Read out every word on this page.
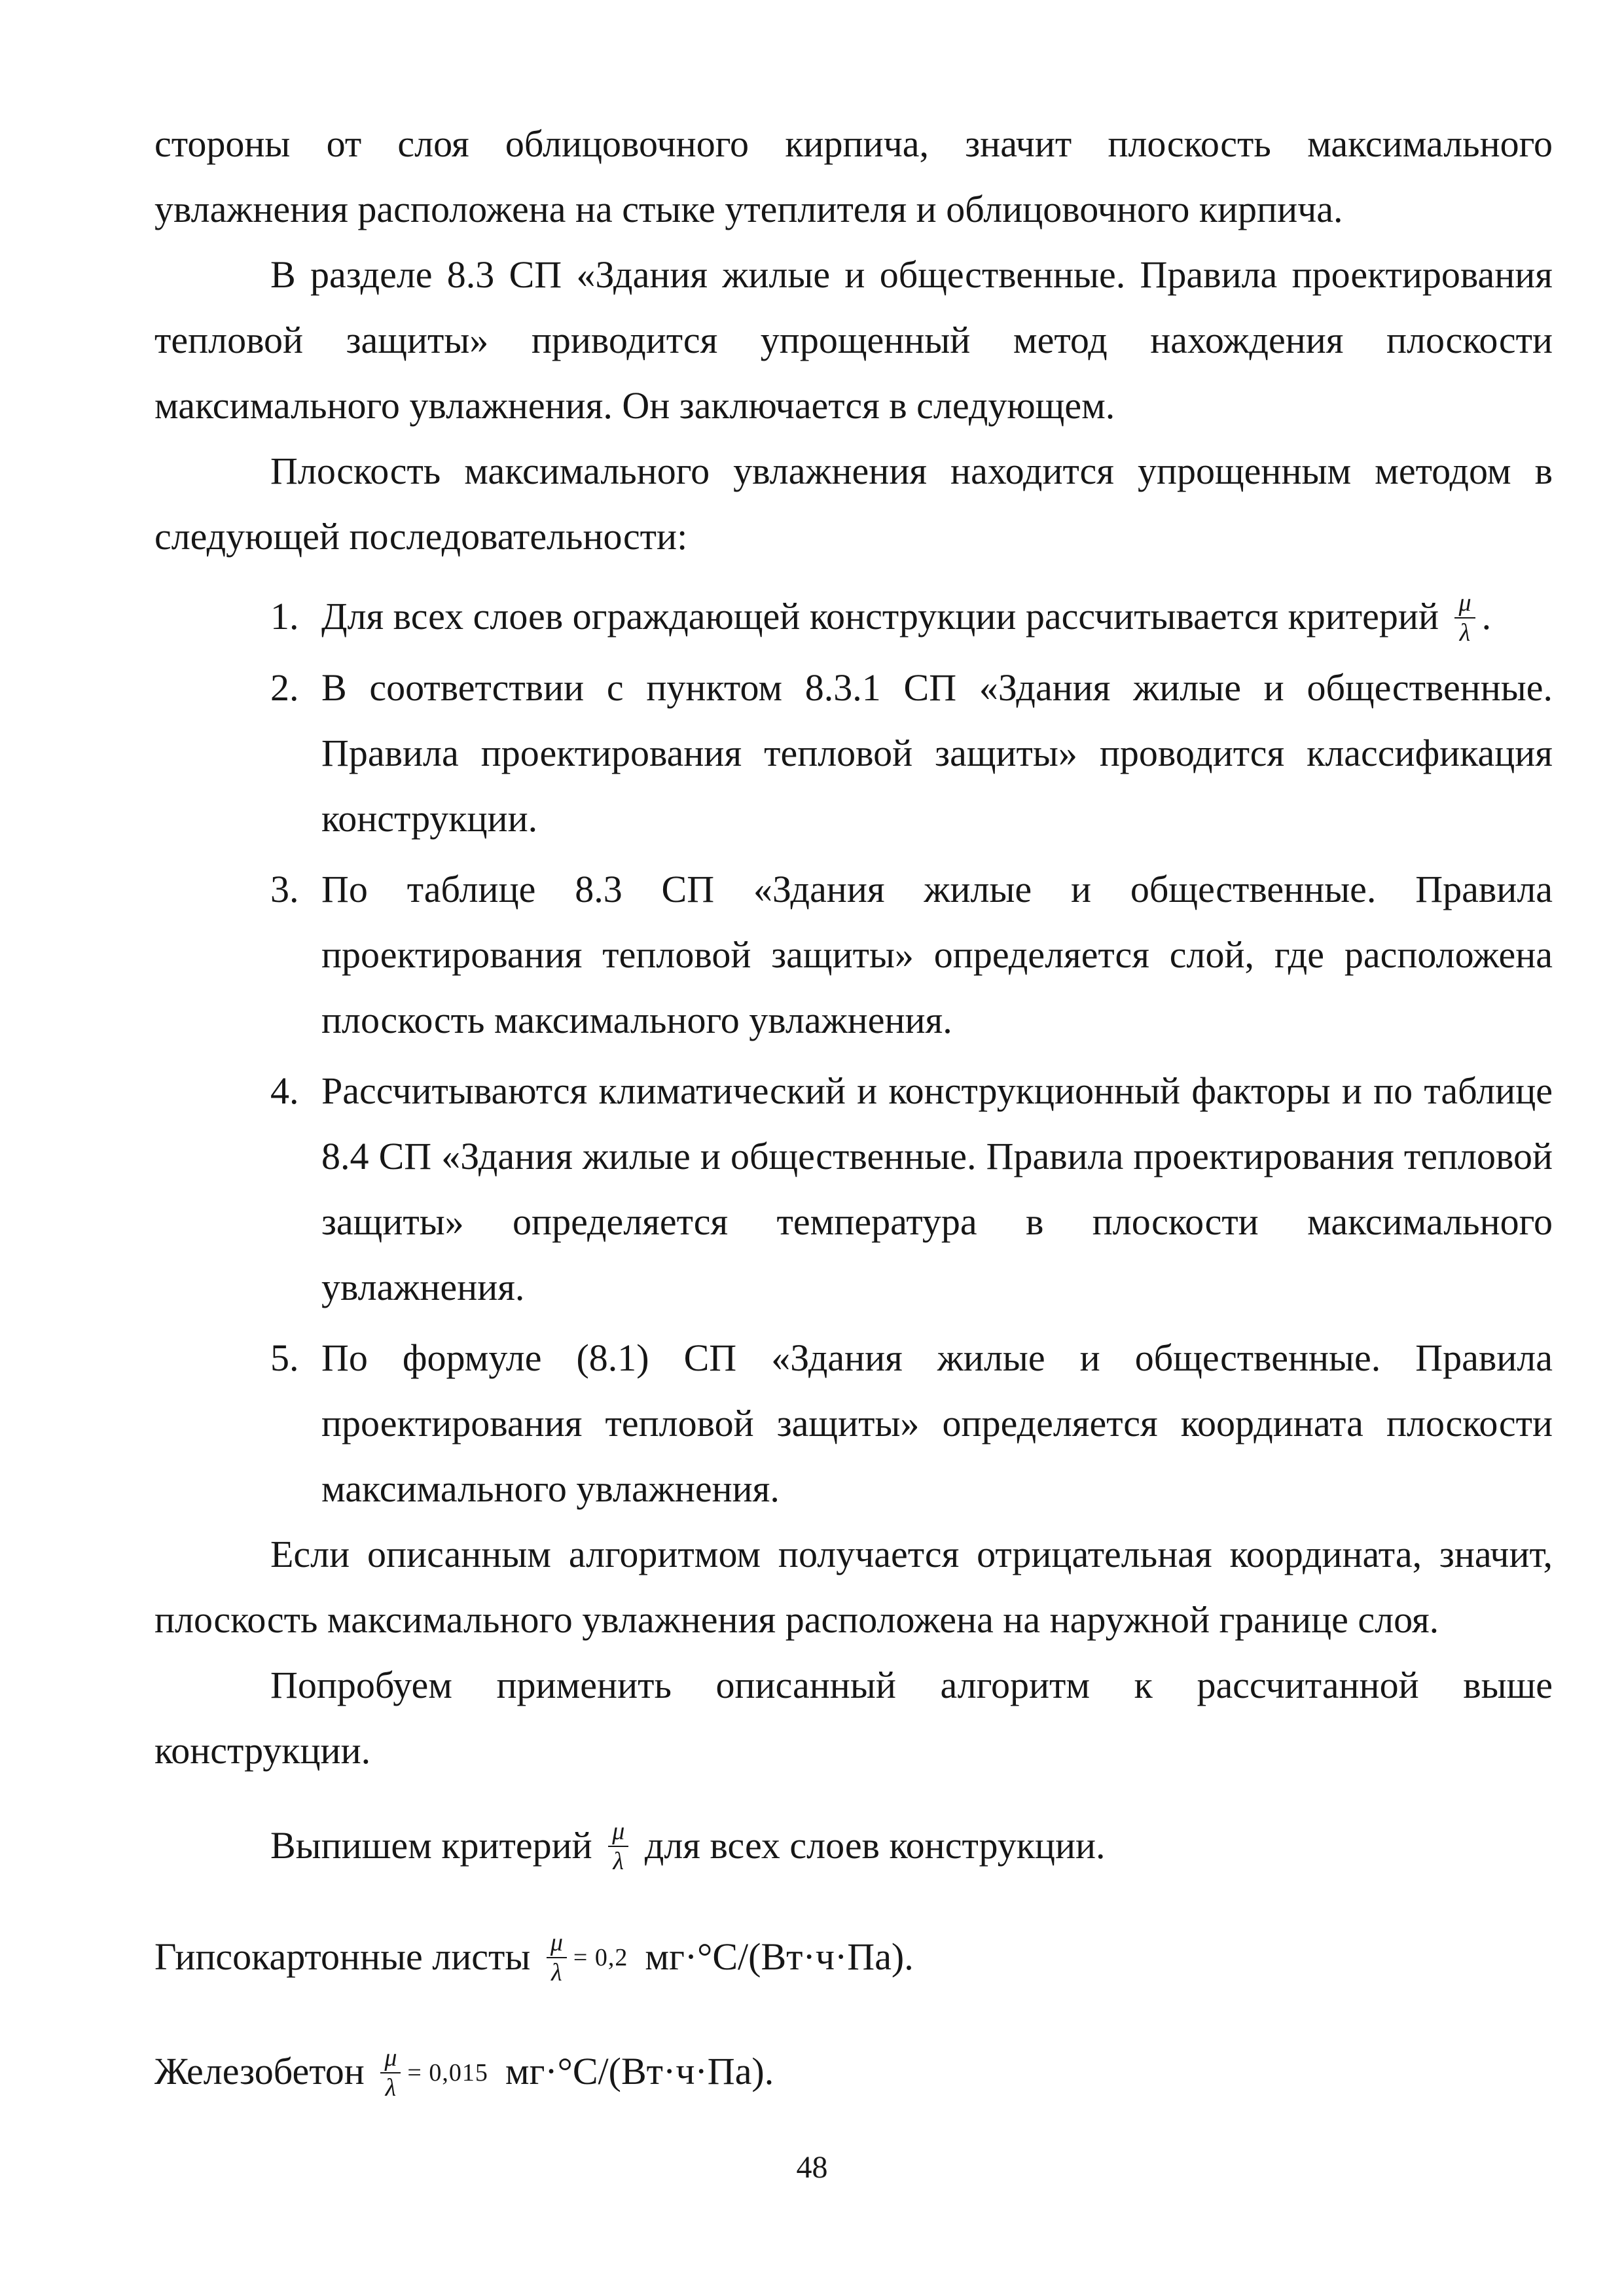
стороны от слоя облицовочного кирпича, значит плоскость максимального увлажнения расположена на стыке утеплителя и облицовочного кирпича.

В разделе 8.3 СП «Здания жилые и общественные. Правила проектирования тепловой защиты» приводится упрощенный метод нахождения плоскости максимального увлажнения. Он заключается в следующем.

Плоскость максимального увлажнения находится упрощенным методом в следующей последовательности:

1. Для всех слоев ограждающей конструкции рассчитывается критерий $\frac{\mu}{\lambda}$ .
2. В соответствии с пунктом 8.3.1 СП «Здания жилые и общественные. Правила проектирования тепловой защиты» проводится классификация конструкции.
3. По таблице 8.3 СП «Здания жилые и общественные. Правила проектирования тепловой защиты» определяется слой, где расположена плоскость максимального увлажнения.
4. Рассчитываются климатический и конструкционный факторы и по таблице 8.4 СП «Здания жилые и общественные. Правила проектирования тепловой защиты» определяется температура в плоскости максимального увлажнения.
5. По формуле (8.1) СП «Здания жилые и общественные. Правила проектирования тепловой защиты» определяется координата плоскости максимального увлажнения.

Если описанным алгоритмом получается отрицательная координата, значит, плоскость максимального увлажнения расположена на наружной границе слоя.

Попробуем применить описанный алгоритм к рассчитанной выше конструкции.

Выпишем критерий $\frac{\mu}{\lambda}$ для всех слоев конструкции.
Гипсокартонные листы $\frac{\mu}{\lambda} = 0,2$ мг·°С/(Вт·ч·Па).
Железобетон $\frac{\mu}{\lambda} = 0,015$ мг·°С/(Вт·ч·Па).
48
